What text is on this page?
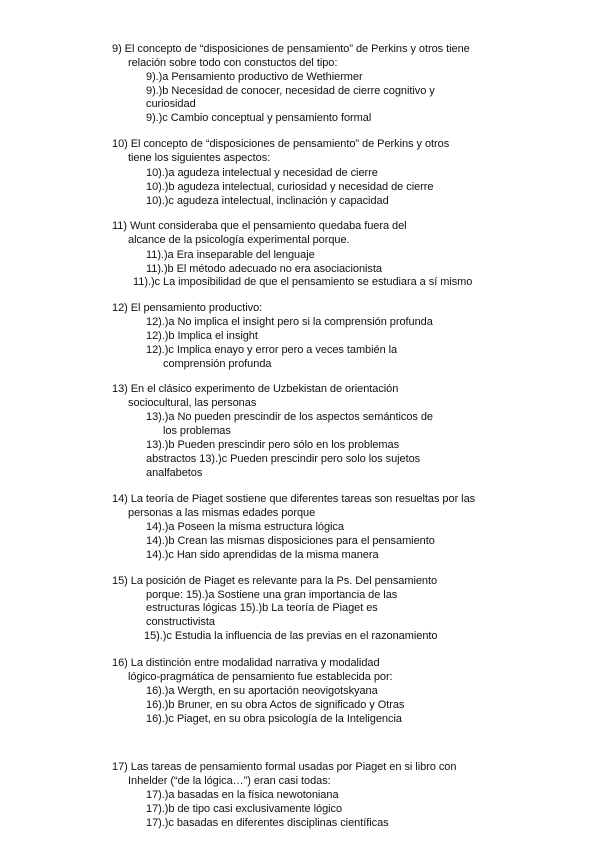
9) El concepto de “disposiciones de pensamiento” de Perkins y otros tiene
relación sobre todo con constuctos del tipo:
9).)a Pensamiento productivo de Wethiermer
9).)b Necesidad de conocer, necesidad de cierre cognitivo y
curiosidad
9).)c Cambio conceptual y pensamiento formal
10) El concepto de “disposiciones de pensamiento” de Perkins y otros
tiene los siguientes aspectos:
10).)a agudeza intelectual y necesidad de cierre
10).)b agudeza intelectual, curiosidad y necesidad de cierre
10).)c agudeza intelectual, inclinación y capacidad
11) Wunt consideraba que el pensamiento quedaba fuera del
alcance de la psicología experimental porque.
11).)a Era inseparable del lenguaje
11).)b El método adecuado no era asociacionista
11).)c La imposibilidad de que el pensamiento se estudiara a sí mismo
12) El pensamiento productivo:
12).)a No implica el insight pero si la comprensión profunda
12).)b Implica el insight
12).)c Implica enayo y error pero a veces también la
comprensión profunda
13) En el clásico experimento de Uzbekistan de orientación
sociocultural, las personas
13).)a No pueden prescindir de los aspectos semánticos de
los problemas
13).)b Pueden prescindir pero sólo en los problemas
abstractos 13).)c Pueden prescindir pero solo los sujetos
analfabetos
14) La teoría de Piaget sostiene que diferentes tareas son resueltas por las
personas a las mismas edades porque
14).)a Poseen la misma estructura lógica
14).)b Crean las mismas disposiciones para el pensamiento
14).)c Han sido aprendidas de la misma manera
15) La posición de Piaget es relevante para la Ps. Del pensamiento
porque: 15).)a Sostiene una gran importancia de las
estructuras lógicas 15).)b La teoría de Piaget es
constructivista
15).)c Estudia la influencia de las previas en el razonamiento
16) La distinción entre modalidad narrativa y modalidad
lógico-pragmática de pensamiento fue establecida por:
16).)a Wergth, en su aportación neovigotskyana
16).)b Bruner, en su obra Actos de significado y Otras
16).)c Piaget, en su obra psicología de la Inteligencia
17) Las tareas de pensamiento formal usadas por Piaget en si libro con
Inhelder (“de la lógica…”) eran casi todas:
17).)a basadas en la física newotoniana
17).)b de tipo casi exclusivamente lógico
17).)c basadas en diferentes disciplinas científicas
